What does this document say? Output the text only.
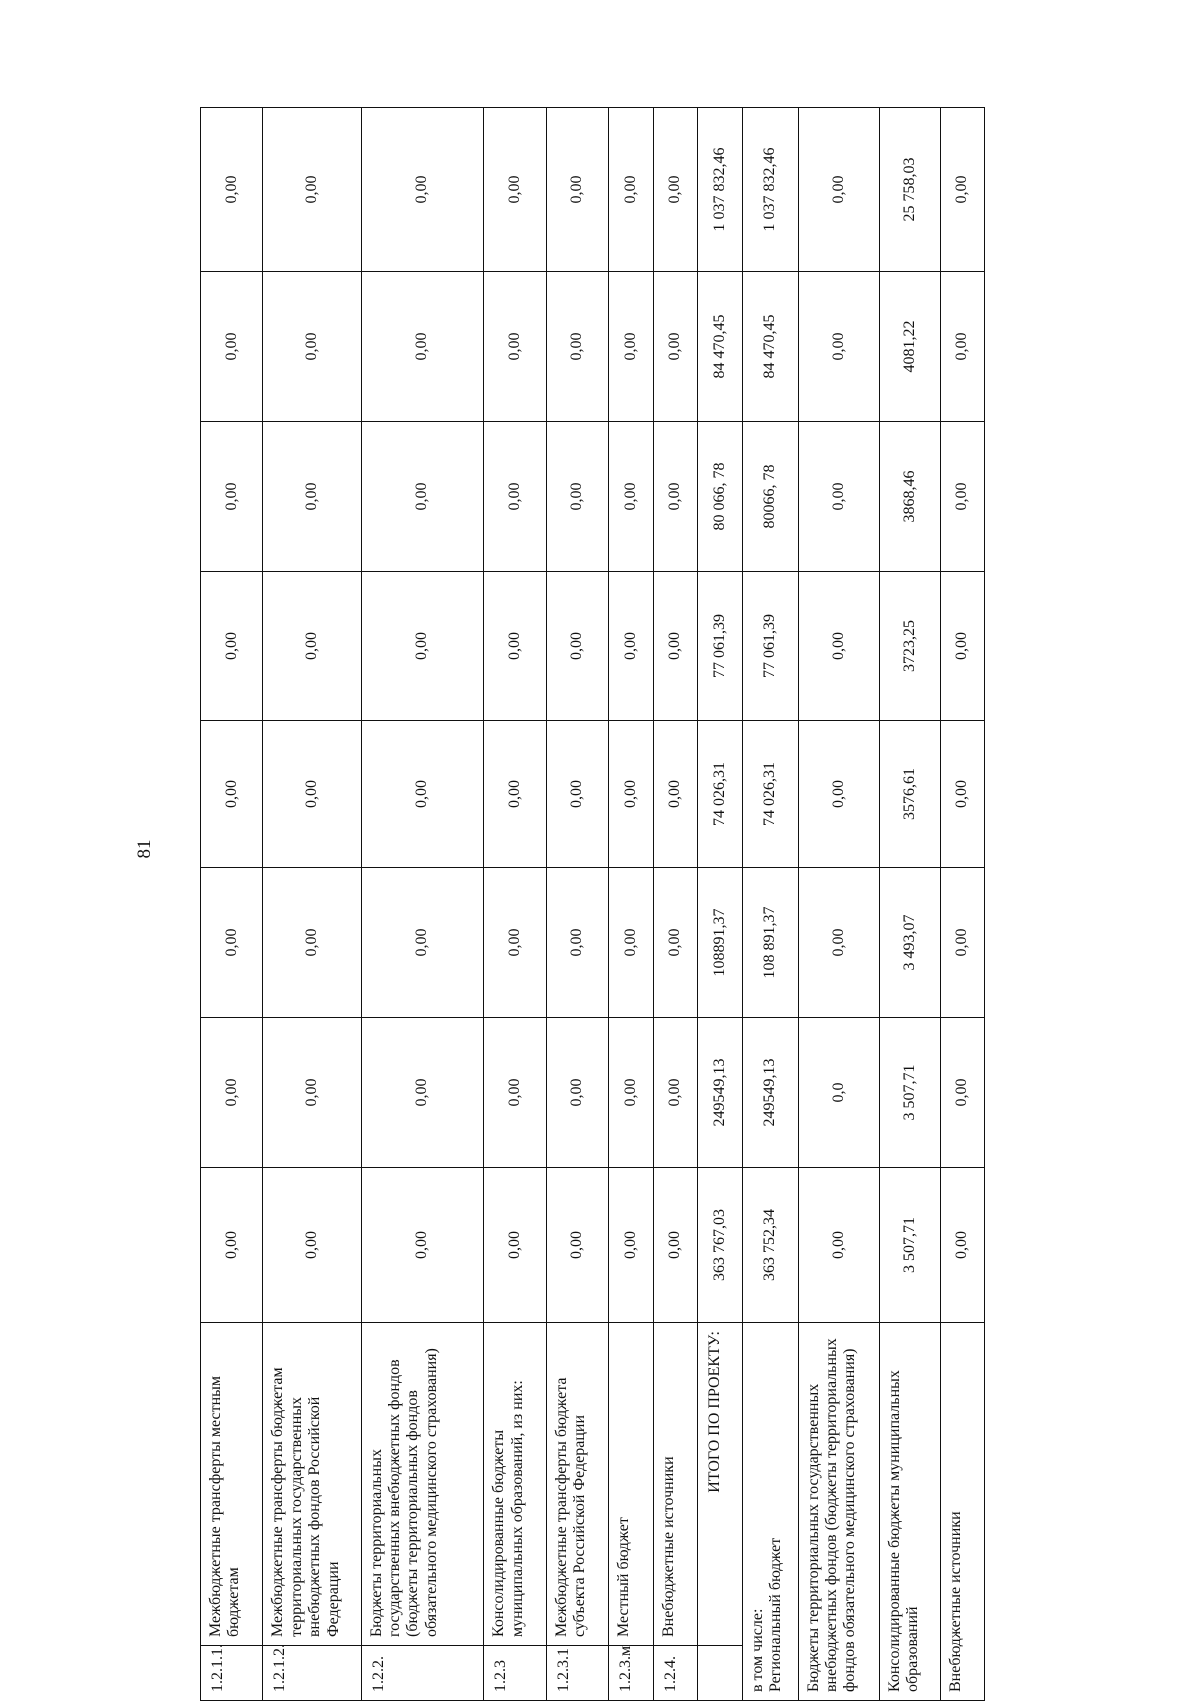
81
1.2.1.1.	Межбюджетные трансферты местным бюджетам	0,00	0,00	0,00	0,00	0,00	0,00	0,00	0,00
1.2.1.2.	Межбюджетные трансферты бюджетам территориальных государственных внебюджетных фондов Российской Федерации	0,00	0,00	0,00	0,00	0,00	0,00	0,00	0,00
1.2.2.	Бюджеты территориальных государственных внебюджетных фондов (бюджеты территориальных фондов обязательного медицинского страхования)	0,00	0,00	0,00	0,00	0,00	0,00	0,00	0,00
1.2.3	Консолидированные бюджеты муниципальных образований, из них:	0,00	0,00	0,00	0,00	0,00	0,00	0,00	0,00
1.2.3.1	Межбюджетные трансферты бюджета субъекта Российской Федерации	0,00	0,00	0,00	0,00	0,00	0,00	0,00	0,00
1.2.3.м	Местный бюджет	0,00	0,00	0,00	0,00	0,00	0,00	0,00	0,00
1.2.4.	Внебюджетные источники	0,00	0,00	0,00	0,00	0,00	0,00	0,00	0,00
	ИТОГО ПО ПРОЕКТУ:	363 767,03	249549,13	108891,37	74 026,31	77 061,39	80 066, 78	84 470,45	1 037 832,46

в том числе: Региональный бюджет		363 752,34	249549,13	108 891,37	74 026,31	77 061,39	80066, 78	84 470,45	1 037 832,46

Бюджеты территориальных государственных внебюджетных фондов (бюджеты территориальных фондов обязательного медицинского страхования)		0,00	0,0	0,00	0,00	0,00	0,00	0,00	0,00

Консолидированные бюджеты муниципальных образований		3 507,71	3 507,71	3 493,07	3576,61	3723,25	3868,46	4081,22	25 758,03

Внебюджетные источники		0,00	0,00	0,00	0,00	0,00	0,00	0,00	0,00
